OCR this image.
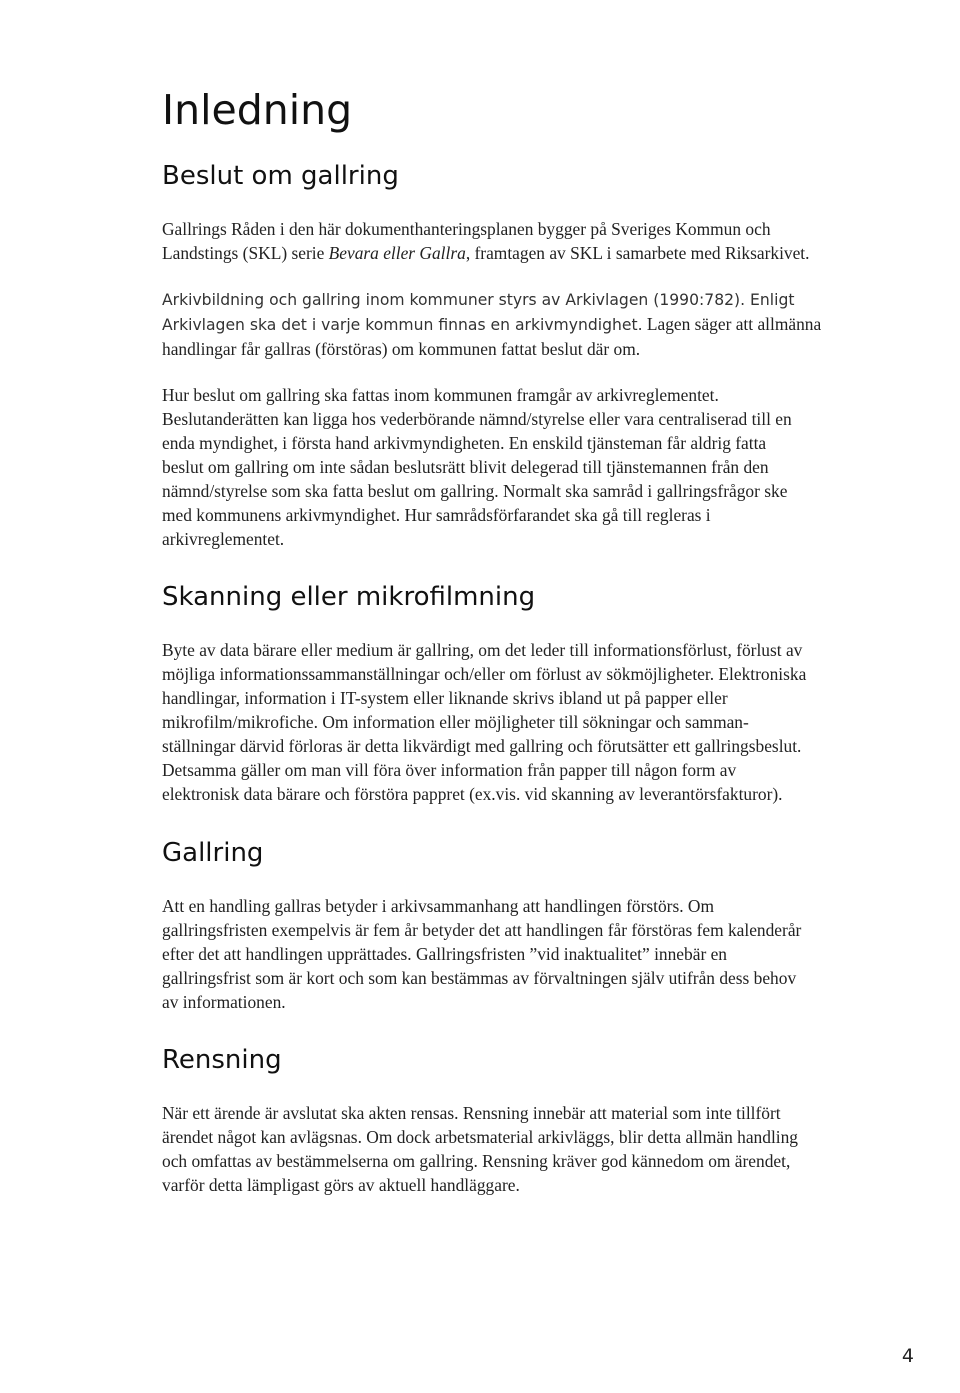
Inledning
Beslut om gallring

Gallrings Råden i den här dokumenthanteringsplanen bygger på Sveriges Kommun och
Landstings (SKL) serie Bevara eller Gallra, framtagen av SKL i samarbete med Riksarkivet.

Arkivbildning och gallring inom kommuner styrs av Arkivlagen (1990:782). Enligt
Arkivlagen ska det i varje kommun finnas en arkivmyndighet. Lagen säger att allmänna
handlingar får gallras (förstöras) om kommunen fattat beslut där om.

Hur beslut om gallring ska fattas inom kommunen framgår av arkivreglementet.
Beslutanderätten kan ligga hos vederbörande nämnd/styrelse eller vara centraliserad till en
enda myndighet, i första hand arkivmyndigheten. En enskild tjänsteman får aldrig fatta
beslut om gallring om inte sådan beslutsrätt blivit delegerad till tjänstemannen från den
nämnd/styrelse som ska fatta beslut om gallring. Normalt ska samråd i gallringsfrågor ske
med kommunens arkivmyndighet. Hur samrådsförfarandet ska gå till regleras i
arkivreglementet.

Skanning eller mikrofilmning

Byte av data bärare eller medium är gallring, om det leder till informationsförlust, förlust av
möjliga informationssammanställningar och/eller om förlust av sökmöjligheter. Elektroniska
handlingar, information i IT-system eller liknande skrivs ibland ut på papper eller
mikrofilm/mikrofiche. Om information eller möjligheter till sökningar och samman-
ställningar därvid förloras är detta likvärdigt med gallring och förutsätter ett gallringsbeslut.
Detsamma gäller om man vill föra över information från papper till någon form av
elektronisk data bärare och förstöra pappret (ex.vis. vid skanning av leverantörsfakturor).

Gallring

Att en handling gallras betyder i arkivsammanhang att handlingen förstörs. Om
gallringsfristen exempelvis är fem år betyder det att handlingen får förstöras fem kalenderår
efter det att handlingen upprättades. Gallringsfristen ”vid inaktualitet” innebär en
gallringsfrist som är kort och som kan bestämmas av förvaltningen själv utifrån dess behov
av informationen.

Rensning

När ett ärende är avslutat ska akten rensas. Rensning innebär att material som inte tillfört
ärendet något kan avlägsnas. Om dock arbetsmaterial arkivläggs, blir detta allmän handling
och omfattas av bestämmelserna om gallring. Rensning kräver god kännedom om ärendet,
varför detta lämpligast görs av aktuell handläggare.

4
